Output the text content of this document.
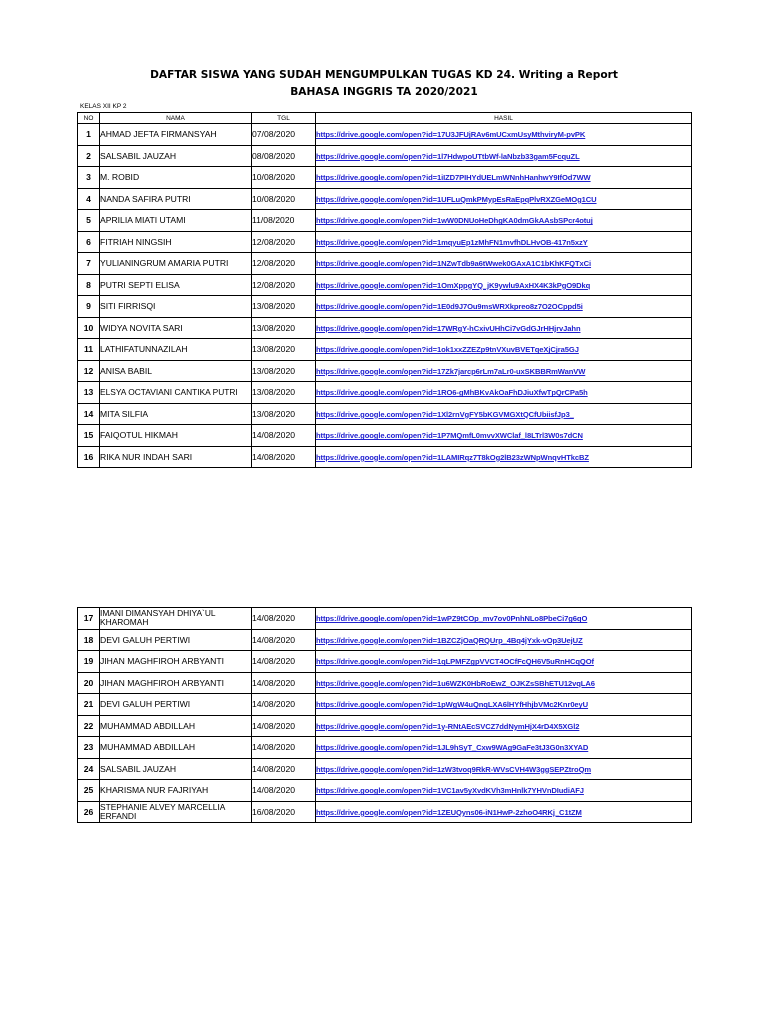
DAFTAR SISWA YANG SUDAH MENGUMPULKAN TUGAS KD 24. Writing a Report
BAHASA INGGRIS TA 2020/2021
KELAS XII KP 2
NO	NAMA	TGL	HASIL
1	AHMAD JEFTA FIRMANSYAH	07/08/2020	https://drive.google.com/open?id=17U3JFUjRAv6mUCxmUsyMthviryM-pvPK
2	SALSABIL JAUZAH	08/08/2020	https://drive.google.com/open?id=1l7HdwpoUTtbWf-laNbzb33gam5FcquZL
3	M. ROBID	10/08/2020	https://drive.google.com/open?id=1iIZD7PIHYdUELmWNnhHanhwY9IfOd7WW
4	NANDA SAFIRA PUTRI	10/08/2020	https://drive.google.com/open?id=1UFLuQmkPMypEsRaEpqPlvRXZGeMOg1CU
5	APRILIA MIATI UTAMI	11/08/2020	https://drive.google.com/open?id=1wW0DNUoHeDhgKA0dmGkAAsbSPcr4otuj
6	FITRIAH NINGSIH	12/08/2020	https://drive.google.com/open?id=1mqyuEp1zMhFN1mvfhDLHvOB-417n5xzY
7	YULIANINGRUM AMARIA PUTRI	12/08/2020	https://drive.google.com/open?id=1NZwTdb9a6tWwek0GAxA1C1bKhKFQTxCi
8	PUTRI SEPTI ELISA	12/08/2020	https://drive.google.com/open?id=1OmXppgYQ_jK9ywlu9AxHX4K3kPgO9Dkq
9	SITI FIRRISQI	13/08/2020	https://drive.google.com/open?id=1E0d9J7Ou9msWRXkpreo8z7O2OCppd5i
10	WIDYA NOVITA SARI	13/08/2020	https://drive.google.com/open?id=17WRgY-hCxivUHhCi7vGdGJrHHjrvJahn
11	LATHIFATUNNAZILAH	13/08/2020	https://drive.google.com/open?id=1ok1xxZZEZp9tnVXuvBVETqeXjCjra5GJ
12	ANISA BABIL	13/08/2020	https://drive.google.com/open?id=17Zk7jarcp6rLm7aLr0-uxSKBBRmWanVW
13	ELSYA OCTAVIANI CANTIKA PUTRI	13/08/2020	https://drive.google.com/open?id=1RO6-gMhBKvAkOaFhDJiuXfwTpQrCPa5h
14	MITA SILFIA	13/08/2020	https://drive.google.com/open?id=1Xl2rnVgFY5bKGVMGXtQCfUbiisfJp3_
15	FAIQOTUL HIKMAH	14/08/2020	https://drive.google.com/open?id=1P7MQmfL0mvvXWClaf_l8LTrl3W0s7dCN
16	RIKA NUR INDAH SARI	14/08/2020	https://drive.google.com/open?id=1LAMIRqz7T8kOg2lB23zWNpWnqvHTkcBZ
17	IMANI DIMANSYAH DHIYA`UL KHAROMAH	14/08/2020	https://drive.google.com/open?id=1wPZ9tCOp_mv7ov0PnhNLo8PbeCi7g6qO
18	DEVI GALUH PERTIWI	14/08/2020	https://drive.google.com/open?id=1BZCZjOaQRQUrp_4Bq4jYxk-vOp3UejUZ
19	JIHAN MAGHFIROH ARBYANTI	14/08/2020	https://drive.google.com/open?id=1qLPMFZgpVVCT4OCfFcQH6V5uRnHCqQOf
20	JIHAN MAGHFIROH ARBYANTI	14/08/2020	https://drive.google.com/open?id=1u6WZK0HbRoEwZ_OJKZsSBhETU12vqLA6
21	DEVI GALUH PERTIWI	14/08/2020	https://drive.google.com/open?id=1pWgW4uQnqLXA6lHYfHhjbVMc2Knr0eyU
22	MUHAMMAD ABDILLAH	14/08/2020	https://drive.google.com/open?id=1y-RNtAEcSVCZ7ddNymHjX4rD4X5XGl2
23	MUHAMMAD ABDILLAH	14/08/2020	https://drive.google.com/open?id=1JL9hSyT_Cxw9WAg9GaFe3tJ3G0n3XYAD
24	SALSABIL JAUZAH	14/08/2020	https://drive.google.com/open?id=1zW3tvoq9RkR-WVsCVH4W3ggSEPZtroQm
25	KHARISMA NUR FAJRIYAH	14/08/2020	https://drive.google.com/open?id=1VC1av5yXvdKVh3mHnlk7YHVnDIudiAFJ
26	STEPHANIE ALVEY MARCELLIA ERFANDI	16/08/2020	https://drive.google.com/open?id=1ZEUQyns06-iN1HwP-2zhoO4RKj_C1tZM
